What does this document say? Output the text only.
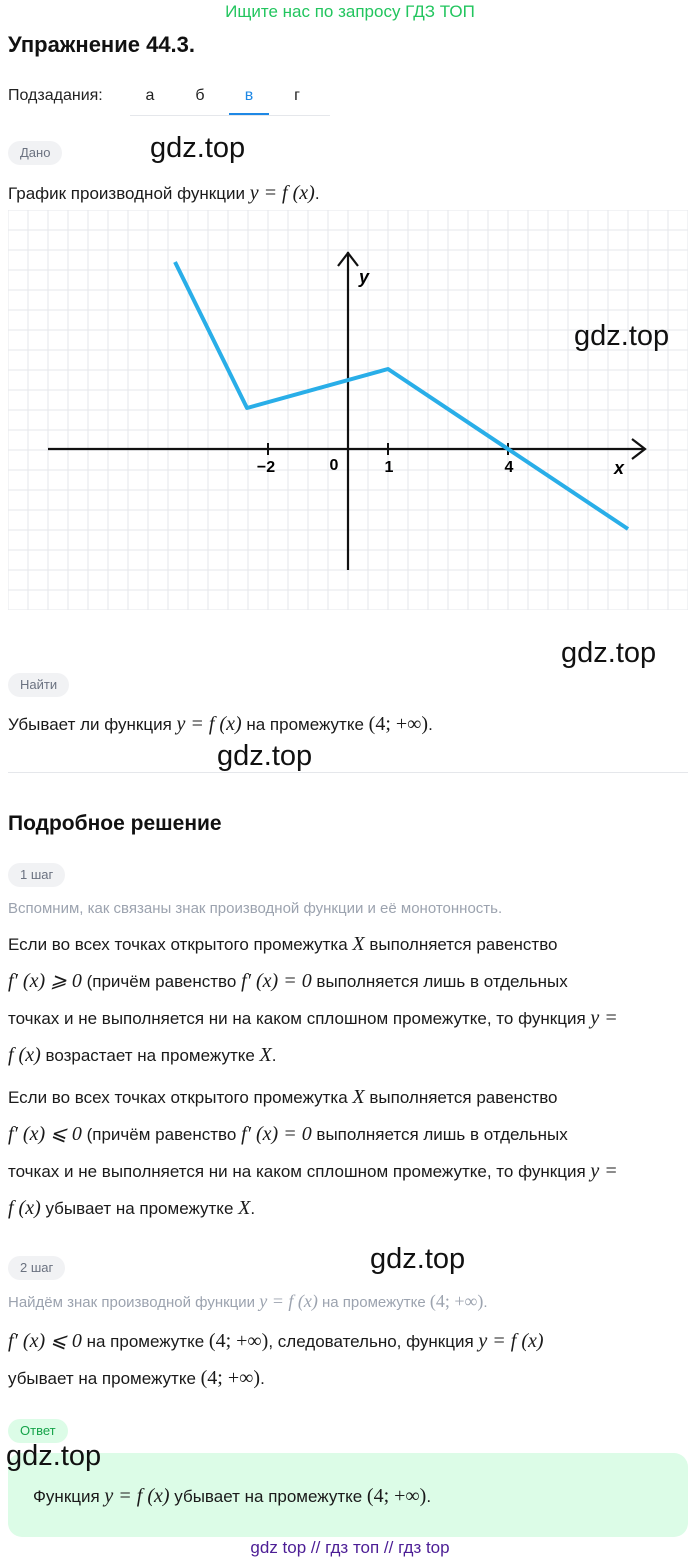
Ищите нас по запросу ГДЗ ТОП
Упражнение 44.3.
Подзадания:	а	б	в	г
Дано	gdz.top
График производной функции y = f (x).
−2	0	1	4	x
y
gdz.top
gdz.top
Найти
Убывает ли функция y = f (x) на промежутке (4; +∞).
gdz.top
Подробное решение
1 шаг
Вспомним, как связаны знак производной функции и её монотонность.
Если во всех точках открытого промежутка X выполняется равенство
f′ (x) ⩾ 0 (причём равенство f′ (x) = 0 выполняется лишь в отдельных
точках и не выполняется ни на каком сплошном промежутке, то функция y =
f (x) возрастает на промежутке X.
Если во всех точках открытого промежутка X выполняется равенство
f′ (x) ⩽ 0 (причём равенство f′ (x) = 0 выполняется лишь в отдельных
точках и не выполняется ни на каком сплошном промежутке, то функция y =
f (x) убывает на промежутке X.
2 шаг	gdz.top
Найдём знак производной функции y = f (x) на промежутке (4; +∞).
f′ (x) ⩽ 0 на промежутке (4; +∞), следовательно, функция y = f (x)
убывает на промежутке (4; +∞).
Ответ
gdz.top
Функция y = f (x) убывает на промежутке (4; +∞).
gdz top // гдз топ // гдз top
